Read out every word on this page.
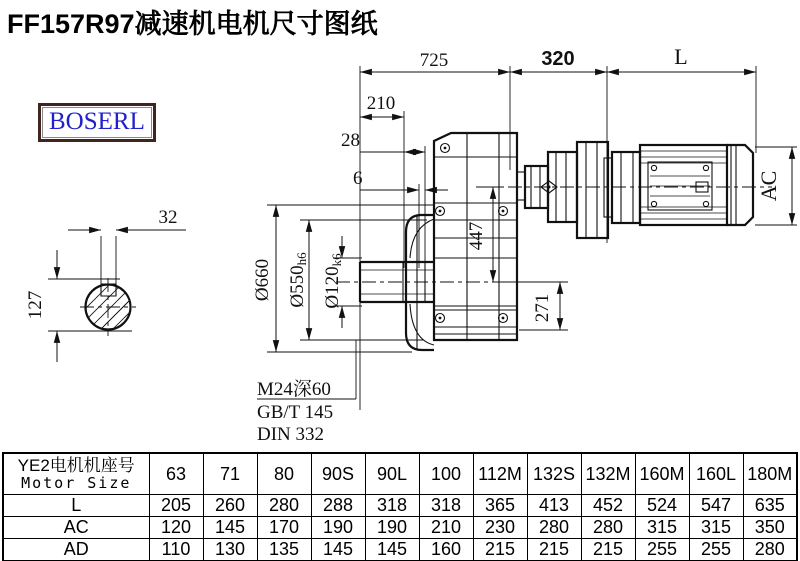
FF157R97减速机电机尺寸图纸
BOSERL
725	320	L
210
28
6
Ø660 Ø550h6
Ø120k6
447
271
AC
32
127
M24深60
GB/T 145
DIN 332
YE2电机机座号
Motor Size	63	71	80	90S	90L	100	112M	132S	132M	160M	160L	180M
L	205	260	280	288	318	318	365	413	452	524	547	635
AC	120	145	170	190	190	210	230	280	280	315	315	350
AD	110	130	135	145	145	160	215	215	215	255	255	280
